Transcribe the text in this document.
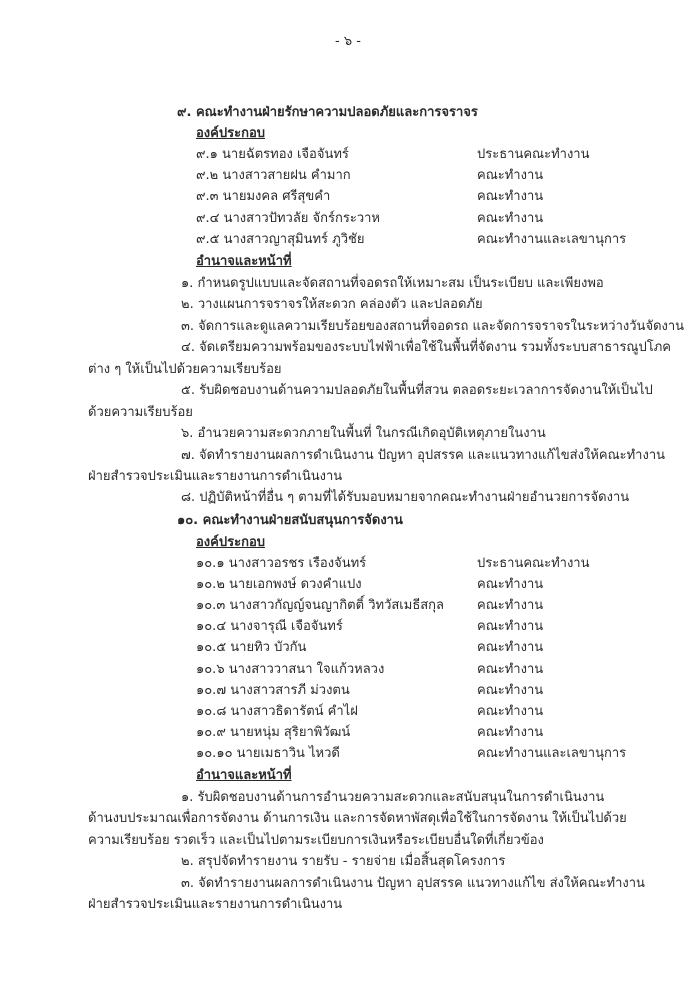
- ๖ -
๙. คณะทำงานฝ่ายรักษาความปลอดภัยและการจราจร
องค์ประกอบ
๙.๑ นายฉัตรทอง เจือจันทร์	ประธานคณะทำงาน
๙.๒ นางสาวสายฝน คำมาก	คณะทำงาน
๙.๓ นายมงคล ศรีสุขคำ	คณะทำงาน
๙.๔ นางสาวปัทวลัย จักร์กระวาห	คณะทำงาน
๙.๕ นางสาวญาสุมินทร์ ภูวิชัย	คณะทำงานและเลขานุการ
อำนาจและหน้าที่
๑. กำหนดรูปแบบและจัดสถานที่จอดรถให้เหมาะสม เป็นระเบียบ และเพียงพอ
๒. วางแผนการจราจรให้สะดวก คล่องตัว และปลอดภัย
๓. จัดการและดูแลความเรียบร้อยของสถานที่จอดรถ และจัดการจราจรในระหว่างวันจัดงาน
๔. จัดเตรียมความพร้อมของระบบไฟฟ้าเพื่อใช้ในพื้นที่จัดงาน รวมทั้งระบบสาธารณูปโภค
ต่าง ๆ ให้เป็นไปด้วยความเรียบร้อย
๕. รับผิดชอบงานด้านความปลอดภัยในพื้นที่สวน ตลอดระยะเวลาการจัดงานให้เป็นไป
ด้วยความเรียบร้อย
๖. อำนวยความสะดวกภายในพื้นที่ ในกรณีเกิดอุบัติเหตุภายในงาน
๗. จัดทำรายงานผลการดำเนินงาน ปัญหา อุปสรรค และแนวทางแก้ไขส่งให้คณะทำงาน
ฝ่ายสำรวจประเมินและรายงานการดำเนินงาน
๘. ปฏิบัติหน้าที่อื่น ๆ ตามที่ได้รับมอบหมายจากคณะทำงานฝ่ายอำนวยการจัดงาน
๑๐. คณะทำงานฝ่ายสนับสนุนการจัดงาน
องค์ประกอบ
๑๐.๑ นางสาวอรชร เรืองจันทร์	ประธานคณะทำงาน
๑๐.๒ นายเอกพงษ์ ดวงคำแปง	คณะทำงาน
๑๐.๓ นางสาวกัญญ์จนญากิตติ์ วิทวัสเมธีสกุล	คณะทำงาน
๑๐.๔ นางจารุณี เจือจันทร์	คณะทำงาน
๑๐.๕ นายทิว บัวกัน	คณะทำงาน
๑๐.๖ นางสาววาสนา ใจแก้วหลวง	คณะทำงาน
๑๐.๗ นางสาวสารภี ม่วงตน	คณะทำงาน
๑๐.๘ นางสาวธิดารัตน์ คำไฝ	คณะทำงาน
๑๐.๙ นายหนุ่ม สุริยาพิวัฒน์	คณะทำงาน
๑๐.๑๐ นายเมธาวิน ไหวดี	คณะทำงานและเลขานุการ
อำนาจและหน้าที่
๑. รับผิดชอบงานด้านการอำนวยความสะดวกและสนับสนุนในการดำเนินงาน
ด้านงบประมาณเพื่อการจัดงาน ด้านการเงิน และการจัดหาพัสดุเพื่อใช้ในการจัดงาน ให้เป็นไปด้วย
ความเรียบร้อย รวดเร็ว และเป็นไปตามระเบียบการเงินหรือระเบียบอื่นใดที่เกี่ยวข้อง
๒. สรุปจัดทำรายงาน รายรับ - รายจ่าย เมื่อสิ้นสุดโครงการ
๓. จัดทำรายงานผลการดำเนินงาน ปัญหา อุปสรรค แนวทางแก้ไข ส่งให้คณะทำงาน
ฝ่ายสำรวจประเมินและรายงานการดำเนินงาน
